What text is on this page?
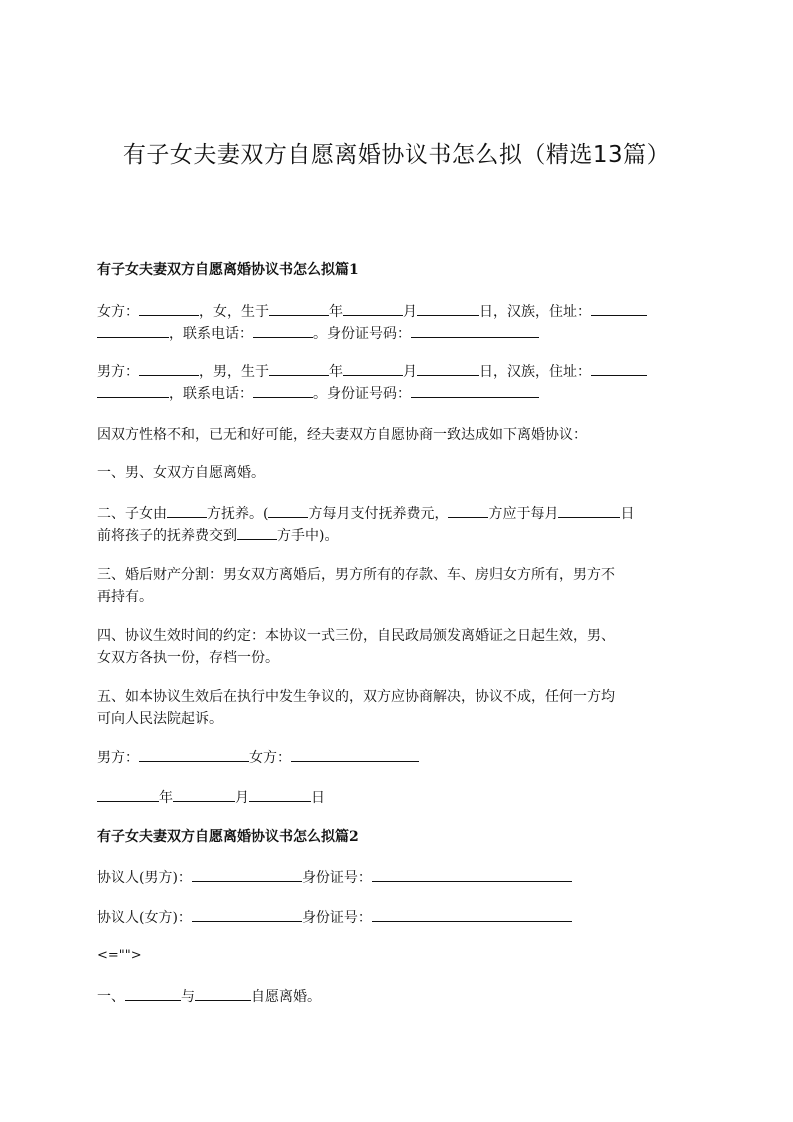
有子女夫妻双方自愿离婚协议书怎么拟（精选13篇）
有子女夫妻双方自愿离婚协议书怎么拟篇1
女方：	，女，生于	年	月	日，汉族，住址：
，联系电话：	。身份证号码：
男方：	，男，生于	年	月	日，汉族，住址：
，联系电话：	。身份证号码：
因双方性格不和，已无和好可能，经夫妻双方自愿协商一致达成如下离婚协议：
一、男、女双方自愿离婚。
二、子女由	方抚养。(	方每月支付抚养费元，	方应于每月	日
前将孩子的抚养费交到	方手中)。
三、婚后财产分割：男女双方离婚后，男方所有的存款、车、房归女方所有，男方不
再持有。
四、协议生效时间的约定：本协议一式三份，自民政局颁发离婚证之日起生效，男、
女双方各执一份，存档一份。
五、如本协议生效后在执行中发生争议的，双方应协商解决，协议不成，任何一方均
可向人民法院起诉。
男方：	女方：
年	月	日
有子女夫妻双方自愿离婚协议书怎么拟篇2
协议人(男方)：	身份证号：
协议人(女方)：	身份证号：
<="">
一、	与	自愿离婚。
